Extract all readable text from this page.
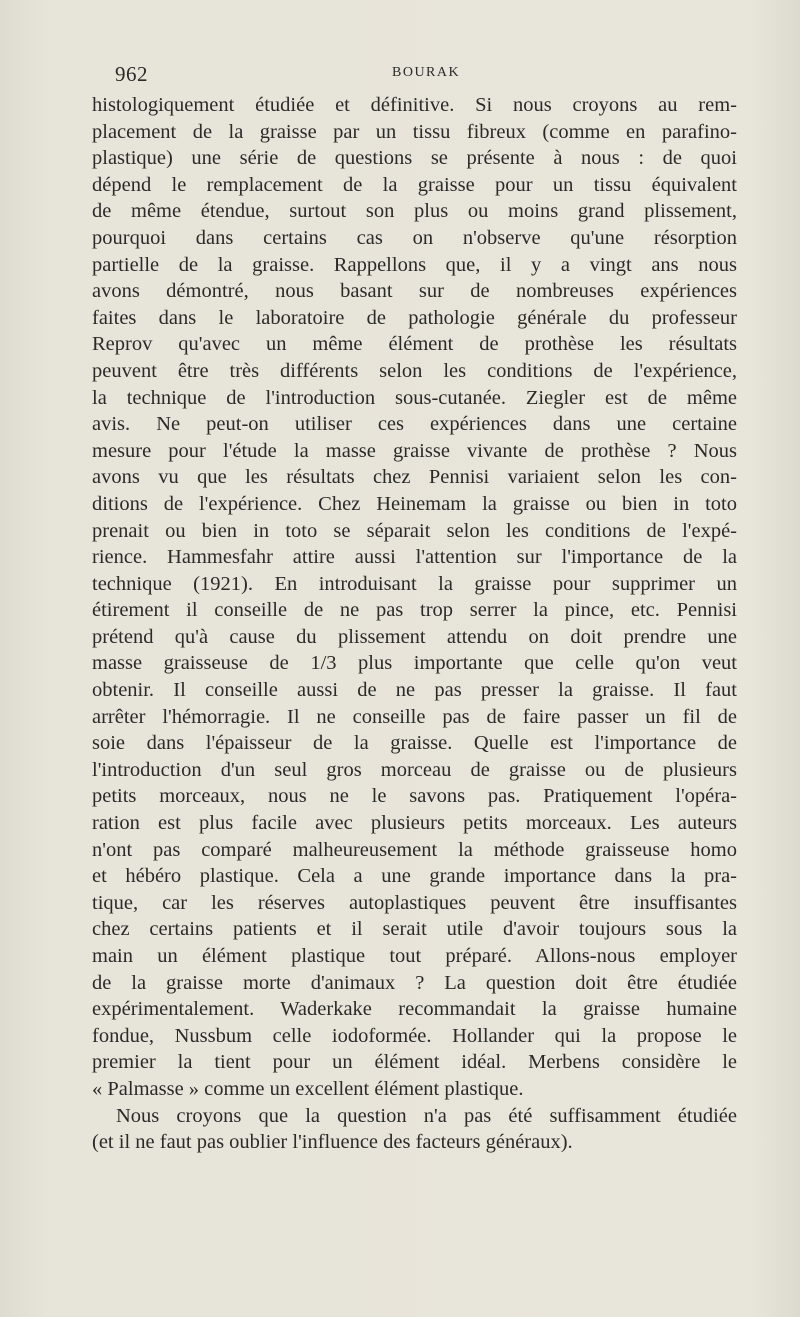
962	BOURAK
histologiquement étudiée et définitive. Si nous croyons au rem-
placement de la graisse par un tissu fibreux (comme en parafino-
plastique) une série de questions se présente à nous : de quoi
dépend le remplacement de la graisse pour un tissu équivalent
de même étendue, surtout son plus ou moins grand plissement,
pourquoi dans certains cas on n'observe qu'une résorption
partielle de la graisse. Rappellons que, il y a vingt ans nous
avons démontré, nous basant sur de nombreuses expériences
faites dans le laboratoire de pathologie générale du professeur
Reprov qu'avec un même élément de prothèse les résultats
peuvent être très différents selon les conditions de l'expérience,
la technique de l'introduction sous-cutanée. Ziegler est de même
avis. Ne peut-on utiliser ces expériences dans une certaine
mesure pour l'étude la masse graisse vivante de prothèse ? Nous
avons vu que les résultats chez Pennisi variaient selon les con-
ditions de l'expérience. Chez Heinemam la graisse ou bien in toto
prenait ou bien in toto se séparait selon les conditions de l'expé-
rience. Hammesfahr attire aussi l'attention sur l'importance de la
technique (1921). En introduisant la graisse pour supprimer un
étirement il conseille de ne pas trop serrer la pince, etc. Pennisi
prétend qu'à cause du plissement attendu on doit prendre une
masse graisseuse de 1/3 plus importante que celle qu'on veut
obtenir. Il conseille aussi de ne pas presser la graisse. Il faut
arrêter l'hémorragie. Il ne conseille pas de faire passer un fil de
soie dans l'épaisseur de la graisse. Quelle est l'importance de
l'introduction d'un seul gros morceau de graisse ou de plusieurs
petits morceaux, nous ne le savons pas. Pratiquement l'opéra-
ration est plus facile avec plusieurs petits morceaux. Les auteurs
n'ont pas comparé malheureusement la méthode graisseuse homo
et hébéro plastique. Cela a une grande importance dans la pra-
tique, car les réserves autoplastiques peuvent être insuffisantes
chez certains patients et il serait utile d'avoir toujours sous la
main un élément plastique tout préparé. Allons-nous employer
de la graisse morte d'animaux ? La question doit être étudiée
expérimentalement. Waderkake recommandait la graisse humaine
fondue, Nussbum celle iodoformée. Hollander qui la propose le
premier la tient pour un élément idéal. Merbens considère le
« Palmasse » comme un excellent élément plastique.
Nous croyons que la question n'a pas été suffisamment étudiée
(et il ne faut pas oublier l'influence des facteurs généraux).
